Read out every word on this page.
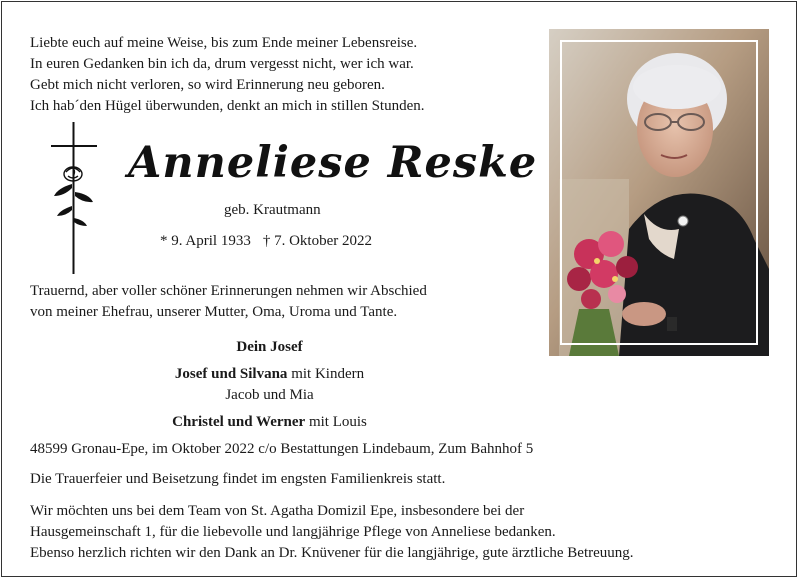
Liebte euch auf meine Weise, bis zum Ende meiner Lebensreise.
In euren Gedanken bin ich da, drum vergesst nicht, wer ich war.
Gebt mich nicht verloren, so wird Erinnerung neu geboren.
Ich hab´den Hügel überwunden, denkt an mich in stillen Stunden.
Anneliese Reske
geb. Krautmann
* 9. April 1933 † 7. Oktober 2022
Trauernd, aber voller schöner Erinnerungen nehmen wir Abschied
von meiner Ehefrau, unserer Mutter, Oma, Uroma und Tante.
Dein Josef
Josef und Silvana mit Kindern
Jacob und Mia
Christel und Werner mit Louis
48599 Gronau-Epe, im Oktober 2022 c/o Bestattungen Lindebaum, Zum Bahnhof 5
Die Trauerfeier und Beisetzung findet im engsten Familienkreis statt.
Wir möchten uns bei dem Team von St. Agatha Domizil Epe, insbesondere bei der
Hausgemeinschaft 1, für die liebevolle und langjährige Pflege von Anneliese bedanken.
Ebenso herzlich richten wir den Dank an Dr. Knüvener für die langjährige, gute ärztliche Betreuung.
